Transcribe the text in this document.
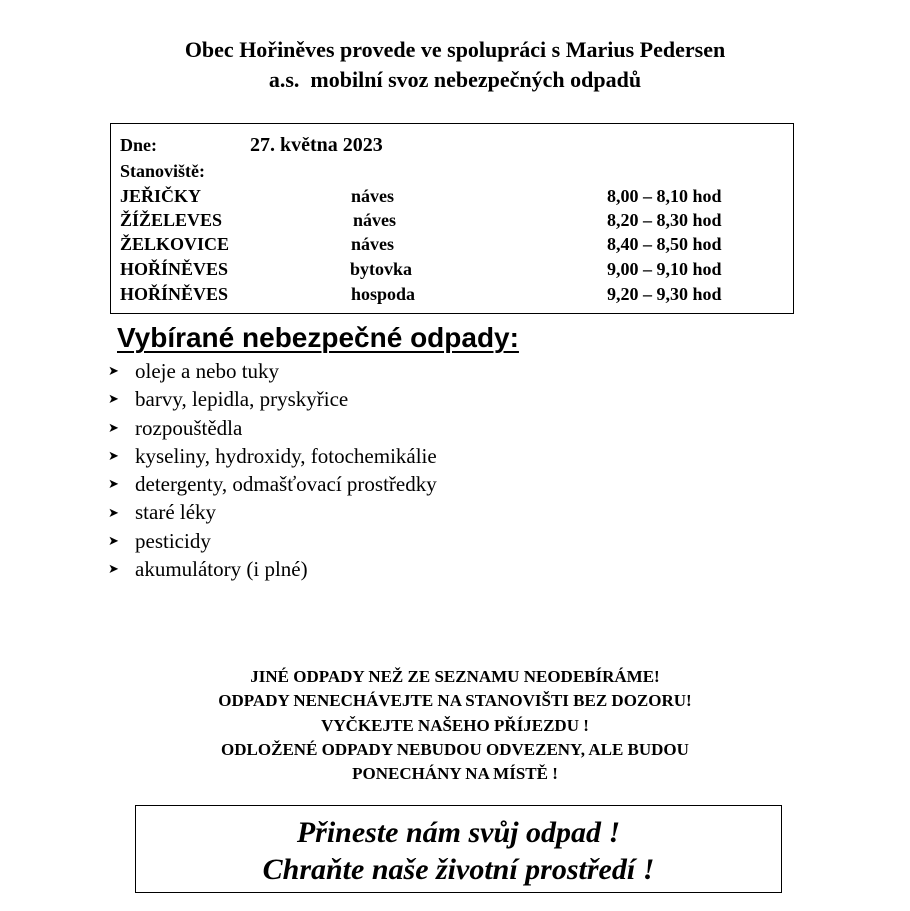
Obec Hořiněves provede ve spolupráci s Marius Pedersen
a.s.  mobilní svoz nebezpečných odpadů
Dne:	27. května 2023
Stanoviště:
JEŘIČKY	náves	8,00 – 8,10 hod
ŽÍŽELEVES	náves	8,20 – 8,30 hod
ŽELKOVICE	náves	8,40 – 8,50 hod
HOŘÍNĚVES	bytovka	9,00 – 9,10 hod
HOŘÍNĚVES	hospoda	9,20 – 9,30 hod
Vybírané nebezpečné odpady:
➤ oleje a nebo tuky
➤ barvy, lepidla, pryskyřice
➤ rozpouštědla
➤ kyseliny, hydroxidy, fotochemikálie
➤ detergenty, odmašťovací prostředky
➤ staré léky
➤ pesticidy
➤ akumulátory (i plné)
JINÉ ODPADY NEŽ ZE SEZNAMU NEODEBÍRÁME!
ODPADY NENECHÁVEJTE NA STANOVIŠTI BEZ DOZORU!
VYČKEJTE NAŠEHO PŘÍJEZDU !
ODLOŽENÉ ODPADY NEBUDOU ODVEZENY, ALE BUDOU
PONECHÁNY NA MÍSTĚ !
Přineste nám svůj odpad !
Chraňte naše životní prostředí !
